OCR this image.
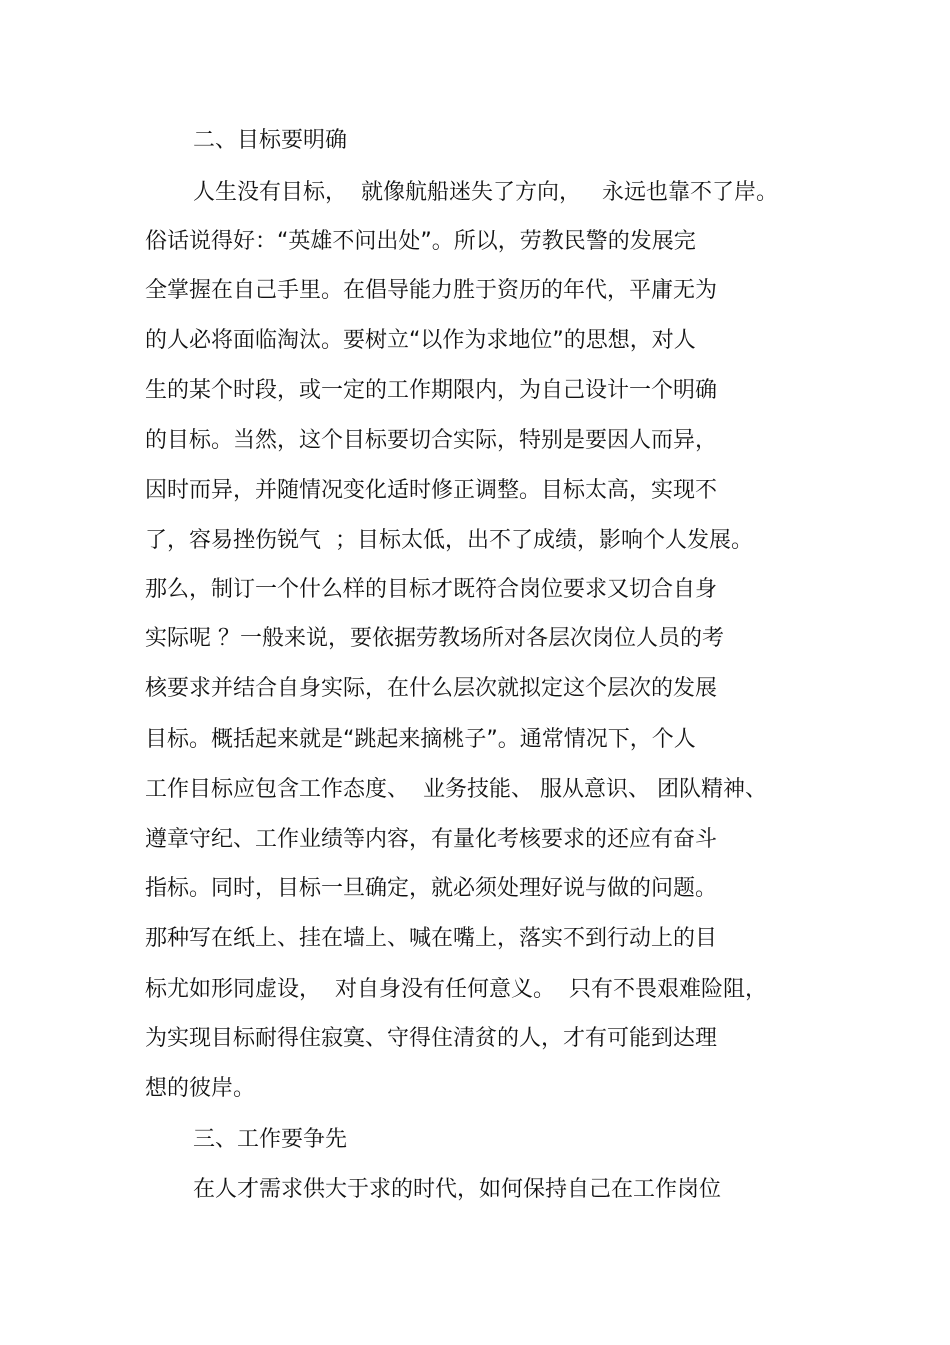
二、目标要明确
人生没有目标，  就像航船迷失了方向，   永远也靠不了岸。
俗话说得好：“英雄不问出处”。所以，劳教民警的发展完
全掌握在自己手里。在倡导能力胜于资历的年代，平庸无为
的人必将面临淘汰。要树立“以作为求地位”的思想，对人
生的某个时段，或一定的工作期限内，为自己设计一个明确
的目标。当然，这个目标要切合实际，特别是要因人而异，
因时而异，并随情况变化适时修正调整。目标太高，实现不
了，容易挫伤锐气  ；目标太低，出不了成绩，影响个人发展。
那么，制订一个什么样的目标才既符合岗位要求又切合自身
实际呢 ？一般来说，要依据劳教场所对各层次岗位人员的考
核要求并结合自身实际，在什么层次就拟定这个层次的发展
目标。概括起来就是“跳起来摘桃子”。通常情况下，个人
工作目标应包含工作态度、  业务技能、 服从意识、 团队精神、
遵章守纪、工作业绩等内容，有量化考核要求的还应有奋斗
指标。同时，目标一旦确定，就必须处理好说与做的问题。
那种写在纸上、挂在墙上、喊在嘴上，落实不到行动上的目
标尤如形同虚设，  对自身没有任何意义。  只有不畏艰难险阻，
为实现目标耐得住寂寞、守得住清贫的人，才有可能到达理
想的彼岸。
三、工作要争先
在人才需求供大于求的时代，如何保持自己在工作岗位
